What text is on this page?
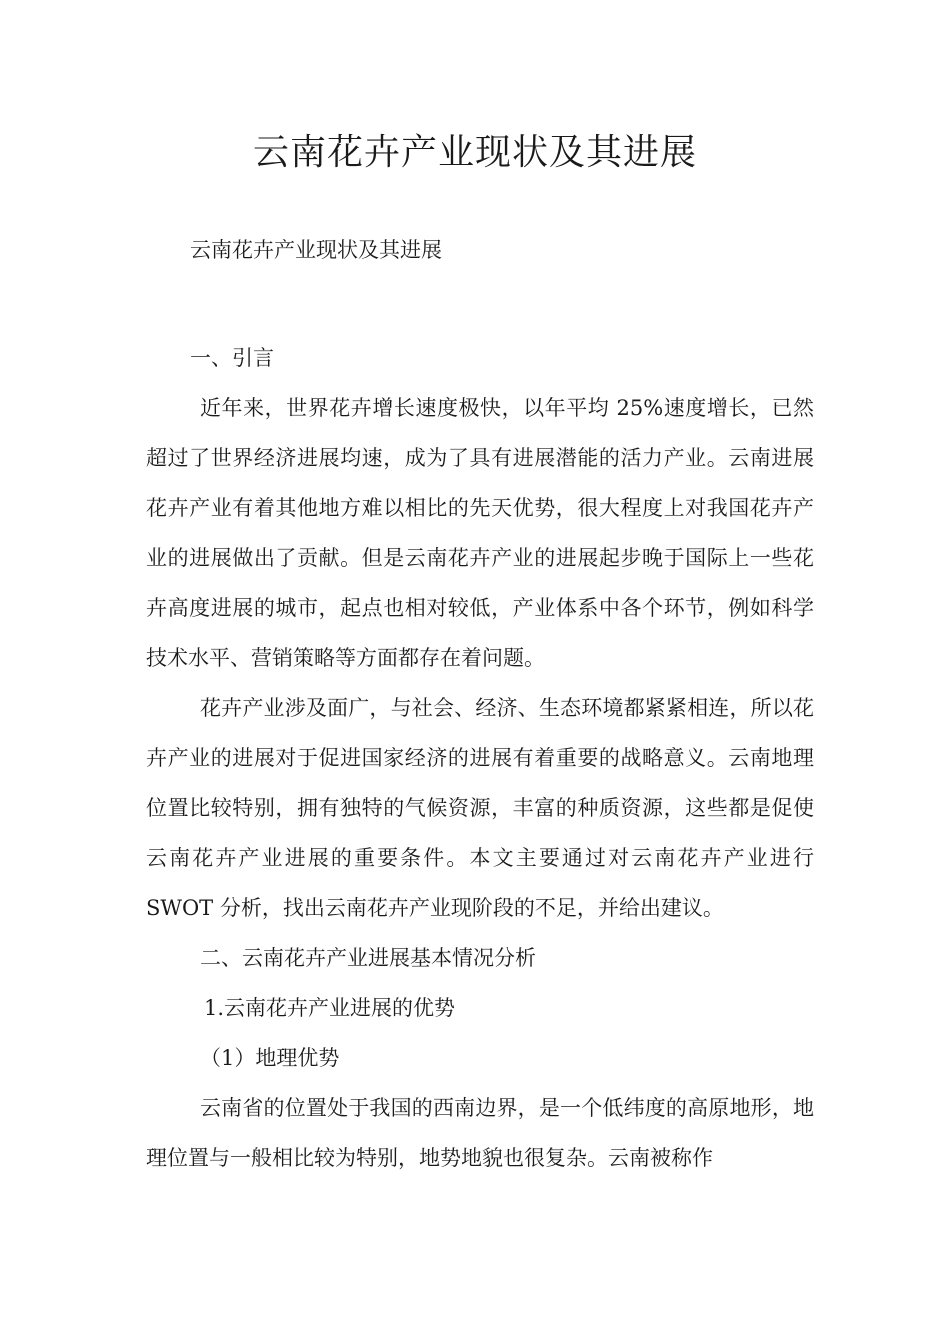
云南花卉产业现状及其进展

云南花卉产业现状及其进展

一、引言

近年来，世界花卉增长速度极快，以年平均 25%速度增长，已然超过了世界经济进展均速，成为了具有进展潜能的活力产业。云南进展花卉产业有着其他地方难以相比的先天优势，很大程度上对我国花卉产业的进展做出了贡献。但是云南花卉产业的进展起步晚于国际上一些花卉高度进展的城市，起点也相对较低，产业体系中各个环节，例如科学技术水平、营销策略等方面都存在着问题。

花卉产业涉及面广，与社会、经济、生态环境都紧紧相连，所以花卉产业的进展对于促进国家经济的进展有着重要的战略意义。云南地理位置比较特别，拥有独特的气候资源，丰富的种质资源，这些都是促使云南花卉产业进展的重要条件。本文主要通过对云南花卉产业进行 SWOT 分析，找出云南花卉产业现阶段的不足，并给出建议。

二、云南花卉产业进展基本情况分析

1.云南花卉产业进展的优势

（1）地理优势

云南省的位置处于我国的西南边界，是一个低纬度的高原地形，地理位置与一般相比较为特别，地势地貌也很复杂。云南被称作
